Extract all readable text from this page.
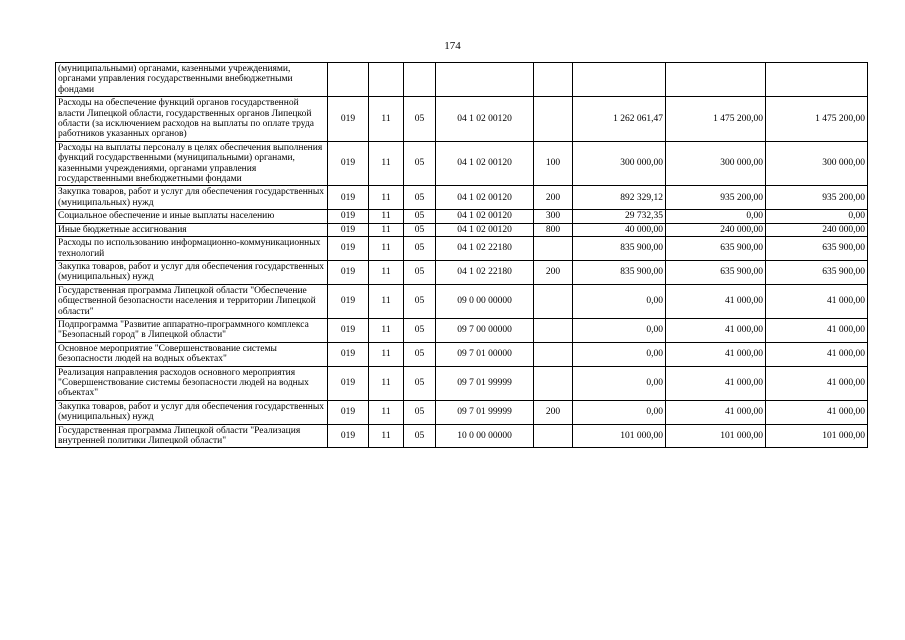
174
(муниципальными) органами, казенными учреждениями, органами управления государственными внебюджетными фондами								
Расходы на обеспечение функций органов государственной власти Липецкой области, государственных органов Липецкой области (за исключением расходов на выплаты по оплате труда работников указанных органов)	019	11	05	04 1 02 00120		1 262 061,47	1 475 200,00	1 475 200,00
Расходы на выплаты персоналу в целях обеспечения выполнения функций государственными (муниципальными) органами, казенными учреждениями, органами управления государственными внебюджетными фондами	019	11	05	04 1 02 00120	100	300 000,00	300 000,00	300 000,00
Закупка товаров, работ и услуг для обеспечения государственных (муниципальных) нужд	019	11	05	04 1 02 00120	200	892 329,12	935 200,00	935 200,00
Социальное обеспечение и иные выплаты населению	019	11	05	04 1 02 00120	300	29 732,35	0,00	0,00
Иные бюджетные ассигнования	019	11	05	04 1 02 00120	800	40 000,00	240 000,00	240 000,00
Расходы по использованию информационно-коммуникационных технологий	019	11	05	04 1 02 22180		835 900,00	635 900,00	635 900,00
Закупка товаров, работ и услуг для обеспечения государственных (муниципальных) нужд	019	11	05	04 1 02 22180	200	835 900,00	635 900,00	635 900,00
Государственная программа Липецкой области "Обеспечение общественной безопасности населения и территории Липецкой области"	019	11	05	09 0 00 00000		0,00	41 000,00	41 000,00
Подпрограмма "Развитие аппаратно-программного комплекса "Безопасный город" в Липецкой области"	019	11	05	09 7 00 00000		0,00	41 000,00	41 000,00
Основное мероприятие "Совершенствование системы безопасности людей на водных объектах"	019	11	05	09 7 01 00000		0,00	41 000,00	41 000,00
Реализация направления расходов основного мероприятия "Совершенствование системы безопасности людей на водных объектах"	019	11	05	09 7 01 99999		0,00	41 000,00	41 000,00
Закупка товаров, работ и услуг для обеспечения государственных (муниципальных) нужд	019	11	05	09 7 01 99999	200	0,00	41 000,00	41 000,00
Государственная программа Липецкой области "Реализация внутренней политики Липецкой области"	019	11	05	10 0 00 00000		101 000,00	101 000,00	101 000,00
